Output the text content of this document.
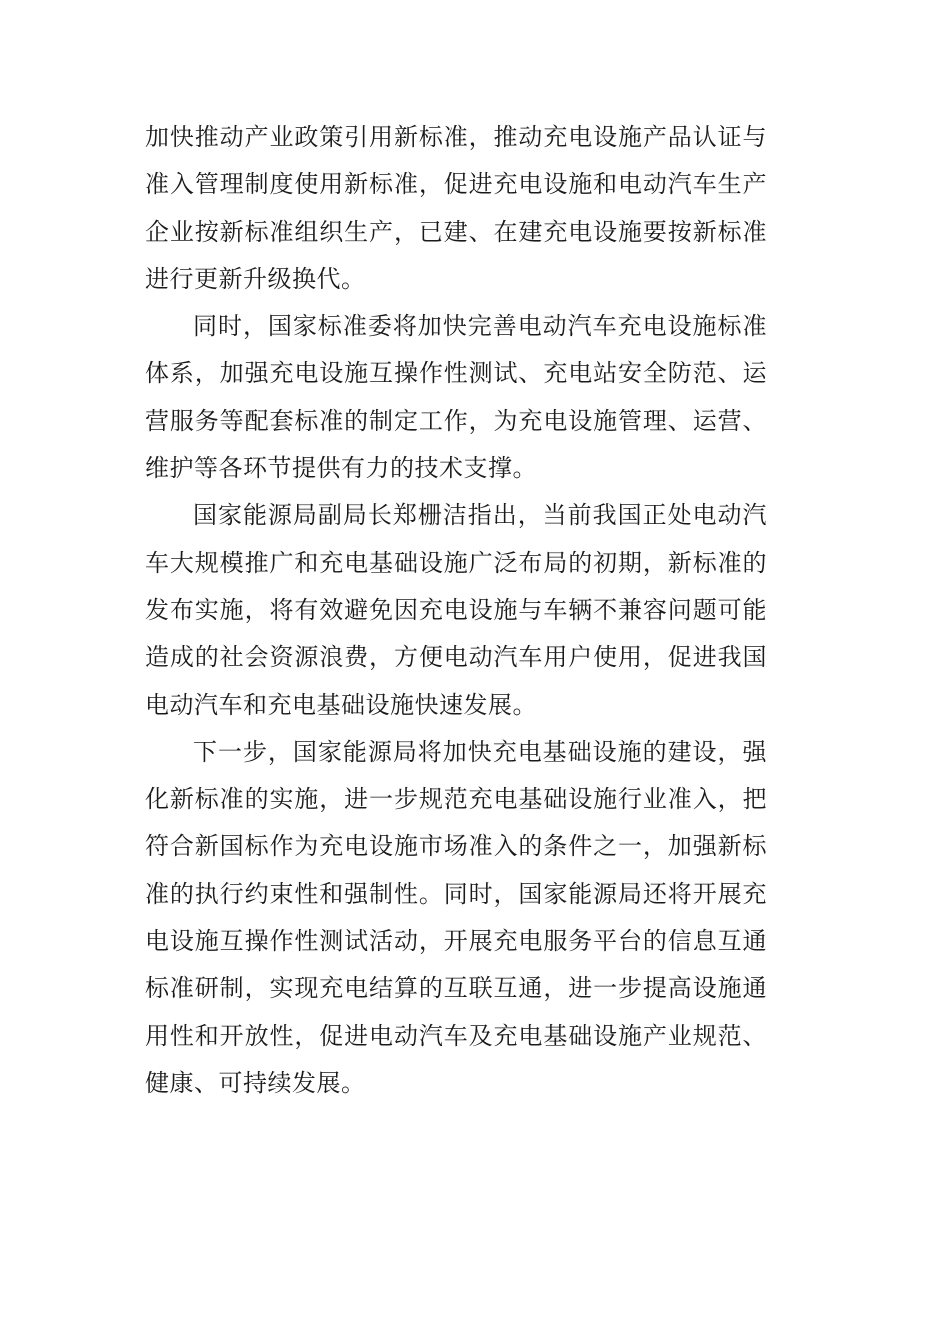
加快推动产业政策引用新标准，推动充电设施产品认证与准入管理制度使用新标准，促进充电设施和电动汽车生产企业按新标准组织生产，已建、在建充电设施要按新标准进行更新升级换代。

同时，国家标准委将加快完善电动汽车充电设施标准体系，加强充电设施互操作性测试、充电站安全防范、运营服务等配套标准的制定工作，为充电设施管理、运营、维护等各环节提供有力的技术支撑。

国家能源局副局长郑栅洁指出，当前我国正处电动汽车大规模推广和充电基础设施广泛布局的初期，新标准的发布实施，将有效避免因充电设施与车辆不兼容问题可能造成的社会资源浪费，方便电动汽车用户使用，促进我国电动汽车和充电基础设施快速发展。

下一步，国家能源局将加快充电基础设施的建设，强化新标准的实施，进一步规范充电基础设施行业准入，把符合新国标作为充电设施市场准入的条件之一，加强新标准的执行约束性和强制性。同时，国家能源局还将开展充电设施互操作性测试活动，开展充电服务平台的信息互通标准研制，实现充电结算的互联互通，进一步提高设施通用性和开放性，促进电动汽车及充电基础设施产业规范、健康、可持续发展。
